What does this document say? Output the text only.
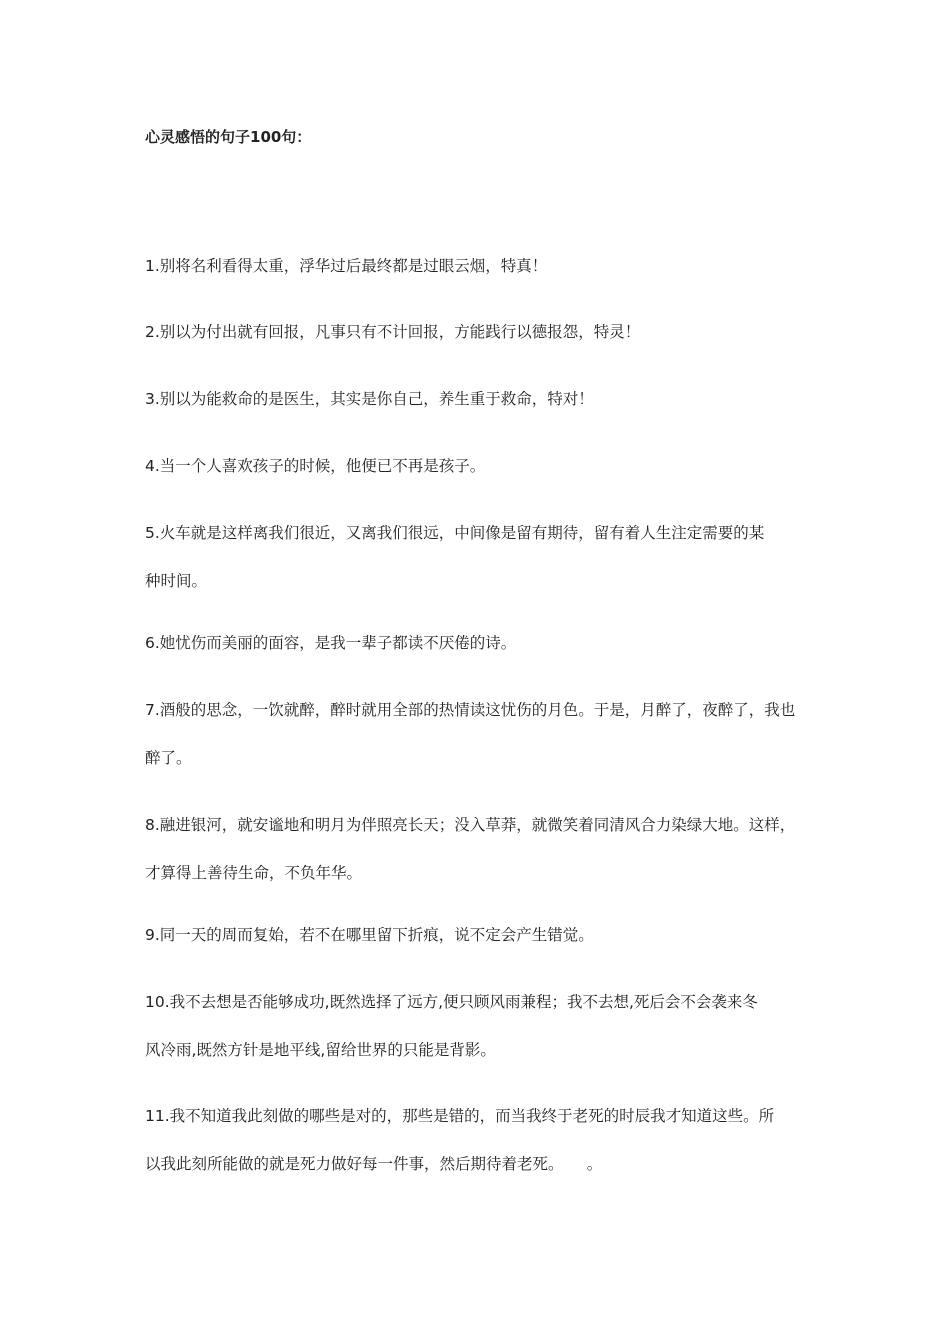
心灵感悟的句子100句：
1.别将名利看得太重，浮华过后最终都是过眼云烟，特真！
2.别以为付出就有回报，凡事只有不计回报，方能践行以德报怨，特灵！
3.别以为能救命的是医生，其实是你自己，养生重于救命，特对！
4.当一个人喜欢孩子的时候，他便已不再是孩子。
5.火车就是这样离我们很近，又离我们很远，中间像是留有期待，留有着人生注定需要的某
种时间。
6.她忧伤而美丽的面容，是我一辈子都读不厌倦的诗。
7.酒般的思念，一饮就醉，醉时就用全部的热情读这忧伤的月色。于是，月醉了，夜醉了，我也
醉了。
8.融进银河，就安谧地和明月为伴照亮长天；没入草莽，就微笑着同清风合力染绿大地。这样，
才算得上善待生命，不负年华。
9.同一天的周而复始，若不在哪里留下折痕，说不定会产生错觉。
10.我不去想是否能够成功,既然选择了远方,便只顾风雨兼程；我不去想,死后会不会袭来冬
风冷雨,既然方针是地平线,留给世界的只能是背影。
11.我不知道我此刻做的哪些是对的，那些是错的，而当我终于老死的时辰我才知道这些。所
以我此刻所能做的就是死力做好每一件事，然后期待着老死。　　。
